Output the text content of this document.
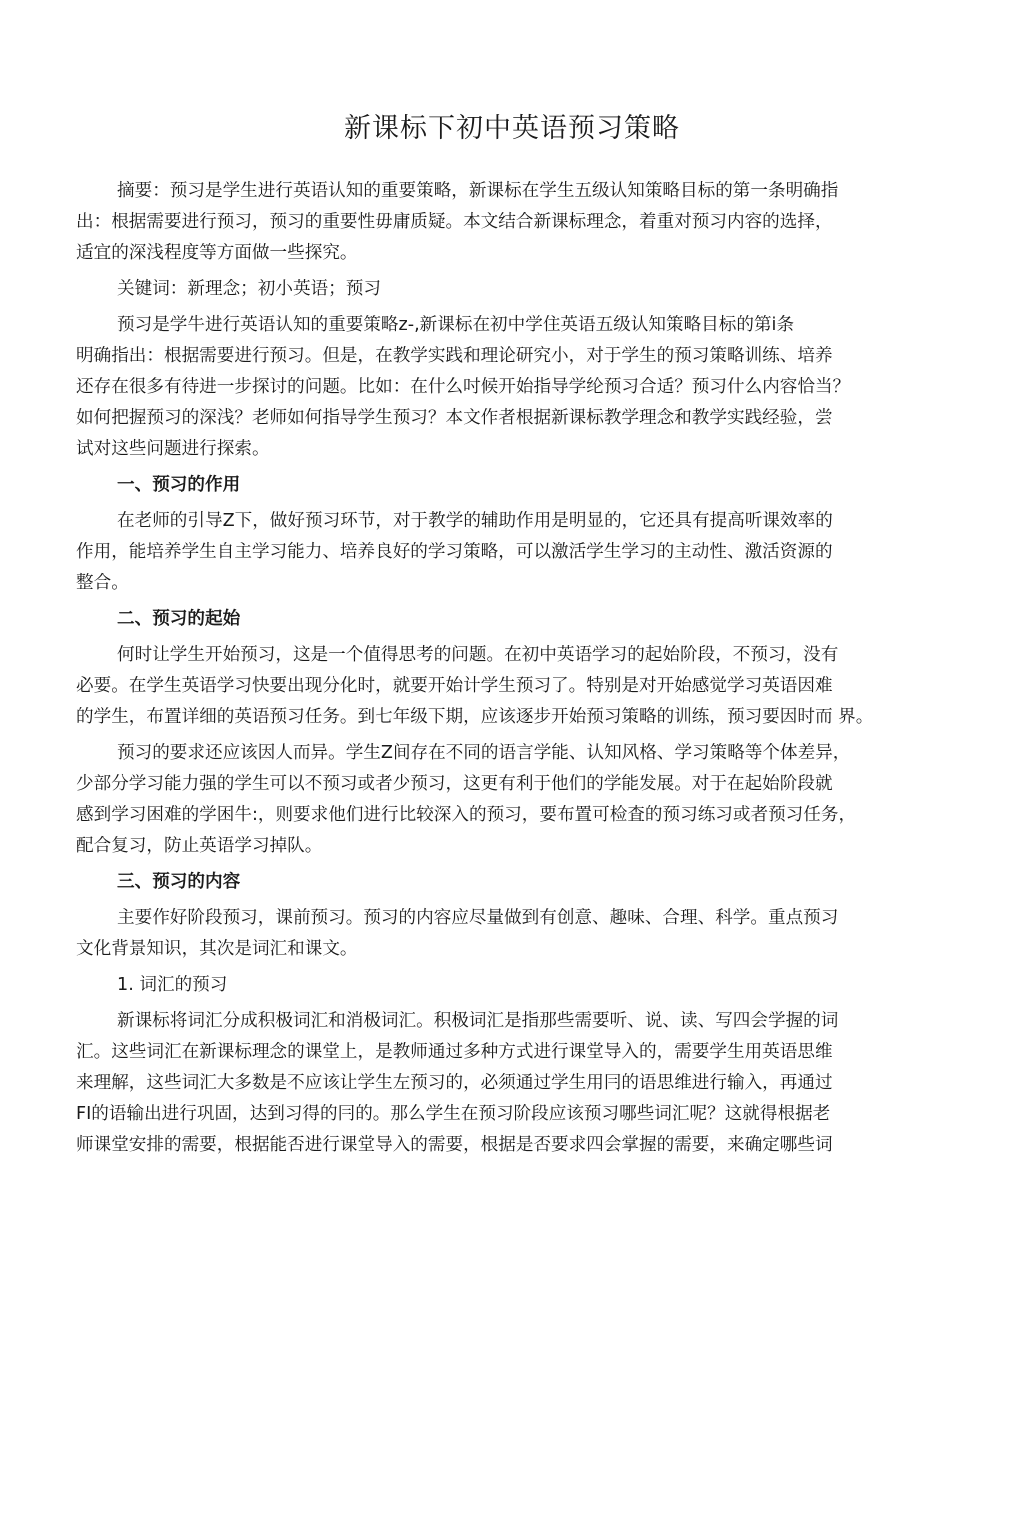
新课标下初中英语预习策略
摘要：预习是学生进行英语认知的重要策略，新课标在学生五级认知策略目标的第一条明确指
出：根据需要进行预习，预习的重要性毋庸质疑。本文结合新课标理念，着重对预习内容的选择，
适宜的深浅程度等方面做一些探究。
关键词：新理念；初小英语；预习
预习是学牛进行英语认知的重要策略z-,新课标在初中学住英语五级认知策略目标的第i条
明确指出：根据需要进行预习。但是，在教学实践和理论研究小，对于学生的预习策略训练、培养
还存在很多有待进一步探讨的问题。比如：在什么吋候开始指导学纶预习合适？预习什么内容恰当？
如何把握预习的深浅？老师如何指导学生预习？本文作者根据新课标教学理念和教学实践经验，尝
试对这些问题进行探索。
一、预习的作用
在老师的引导Z下，做好预习环节，对于教学的辅助作用是明显的，它还具有提高听课效率的
作用，能培养学生自主学习能力、培养良好的学习策略，可以激活学生学习的主动性、激活资源的
整合。
二、预习的起始
何时让学生开始预习，这是一个值得思考的问题。在初中英语学习的起始阶段，不预习，没有
必要。在学生英语学习快要出现分化时，就要开始计学生预习了。特别是对开始感觉学习英语因难
的学生，布置详细的英语预习任务。到七年级下期，应该逐步开始预习策略的训练，预习要因时而 界。
预习的要求还应该因人而异。学生Z间存在不同的语言学能、认知风格、学习策略等个体差异，
少部分学习能力强的学生可以不预习或者少预习，这更有利于他们的学能发展。对于在起始阶段就
感到学习困难的学困牛:，则要求他们进行比较深入的预习，要布置可检査的预习练习或者预习任务，
配合复习，防止英语学习掉队。
三、预习的内容
主要作好阶段预习，课前预习。预习的内容应尽量做到有创意、趣味、合理、科学。重点预习
文化背景知识，其次是词汇和课文。
1. 词汇的预习
新课标将词汇分成积极词汇和消极词汇。积极词汇是指那些需要听、说、读、写四会学握的词
汇。这些词汇在新课标理念的课堂上，是教师通过多种方式进行课堂导入的，需要学生用英语思维
来理解，这些词汇大多数是不应该让学生左预习的，必须通过学生用冃的语思维进行输入，再通过
FI的语输出进行巩固，达到习得的冃的。那么学生在预习阶段应该预习哪些词汇呢？这就得根据老
师课堂安排的需要，根据能否进行课堂导入的需要，根据是否要求四会掌握的需要，来确定哪些词
